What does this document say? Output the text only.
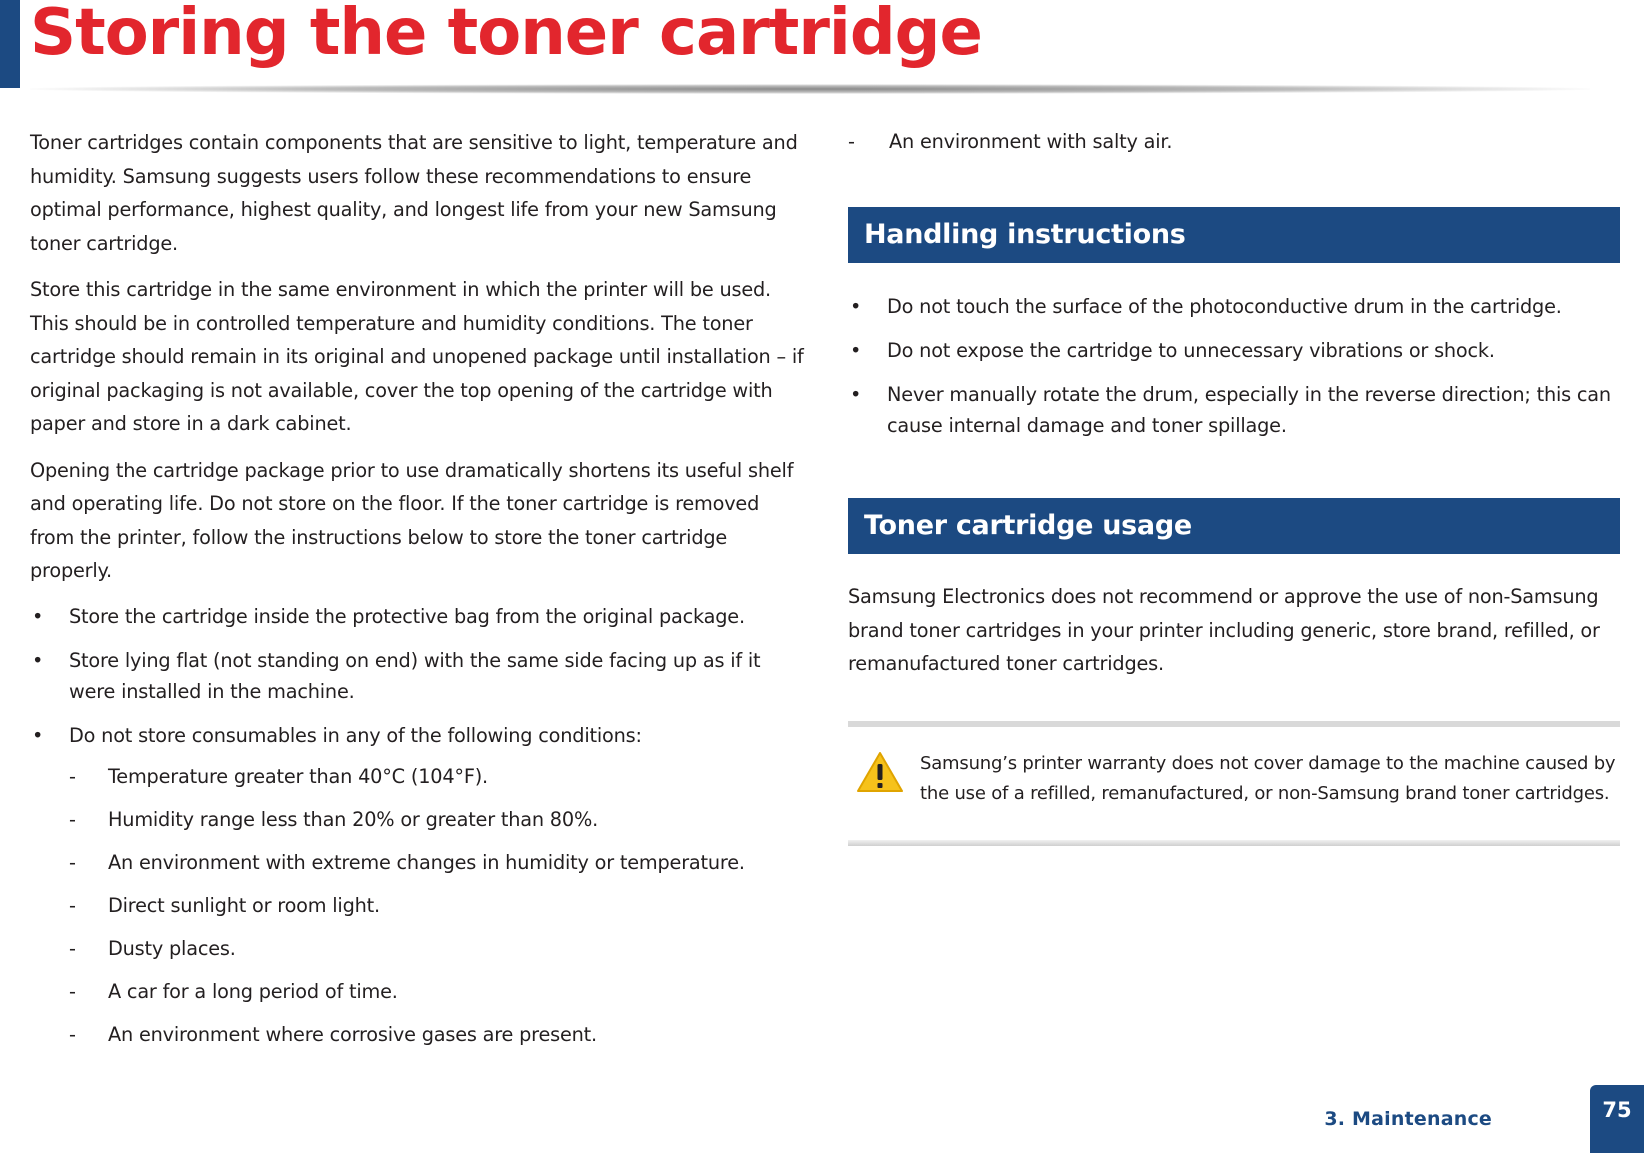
Storing the toner cartridge

Toner cartridges contain components that are sensitive to light, temperature and humidity. Samsung suggests users follow these recommendations to ensure optimal performance, highest quality, and longest life from your new Samsung toner cartridge.

Store this cartridge in the same environment in which the printer will be used. This should be in controlled temperature and humidity conditions. The toner cartridge should remain in its original and unopened package until installation – if original packaging is not available, cover the top opening of the cartridge with paper and store in a dark cabinet.

Opening the cartridge package prior to use dramatically shortens its useful shelf and operating life. Do not store on the floor. If the toner cartridge is removed from the printer, follow the instructions below to store the toner cartridge properly.

• Store the cartridge inside the protective bag from the original package.
• Store lying flat (not standing on end) with the same side facing up as if it were installed in the machine.
• Do not store consumables in any of the following conditions:
- Temperature greater than 40°C (104°F).
- Humidity range less than 20% or greater than 80%.
- An environment with extreme changes in humidity or temperature.
- Direct sunlight or room light.
- Dusty places.
- A car for a long period of time.
- An environment where corrosive gases are present.
- An environment with salty air.
Handling instructions
• Do not touch the surface of the photoconductive drum in the cartridge.
• Do not expose the cartridge to unnecessary vibrations or shock.
• Never manually rotate the drum, especially in the reverse direction; this can cause internal damage and toner spillage.
Toner cartridge usage

Samsung Electronics does not recommend or approve the use of non-Samsung brand toner cartridges in your printer including generic, store brand, refilled, or remanufactured toner cartridges.

Samsung’s printer warranty does not cover damage to the machine caused by the use of a refilled, remanufactured, or non-Samsung brand toner cartridges.

3. Maintenance	75
